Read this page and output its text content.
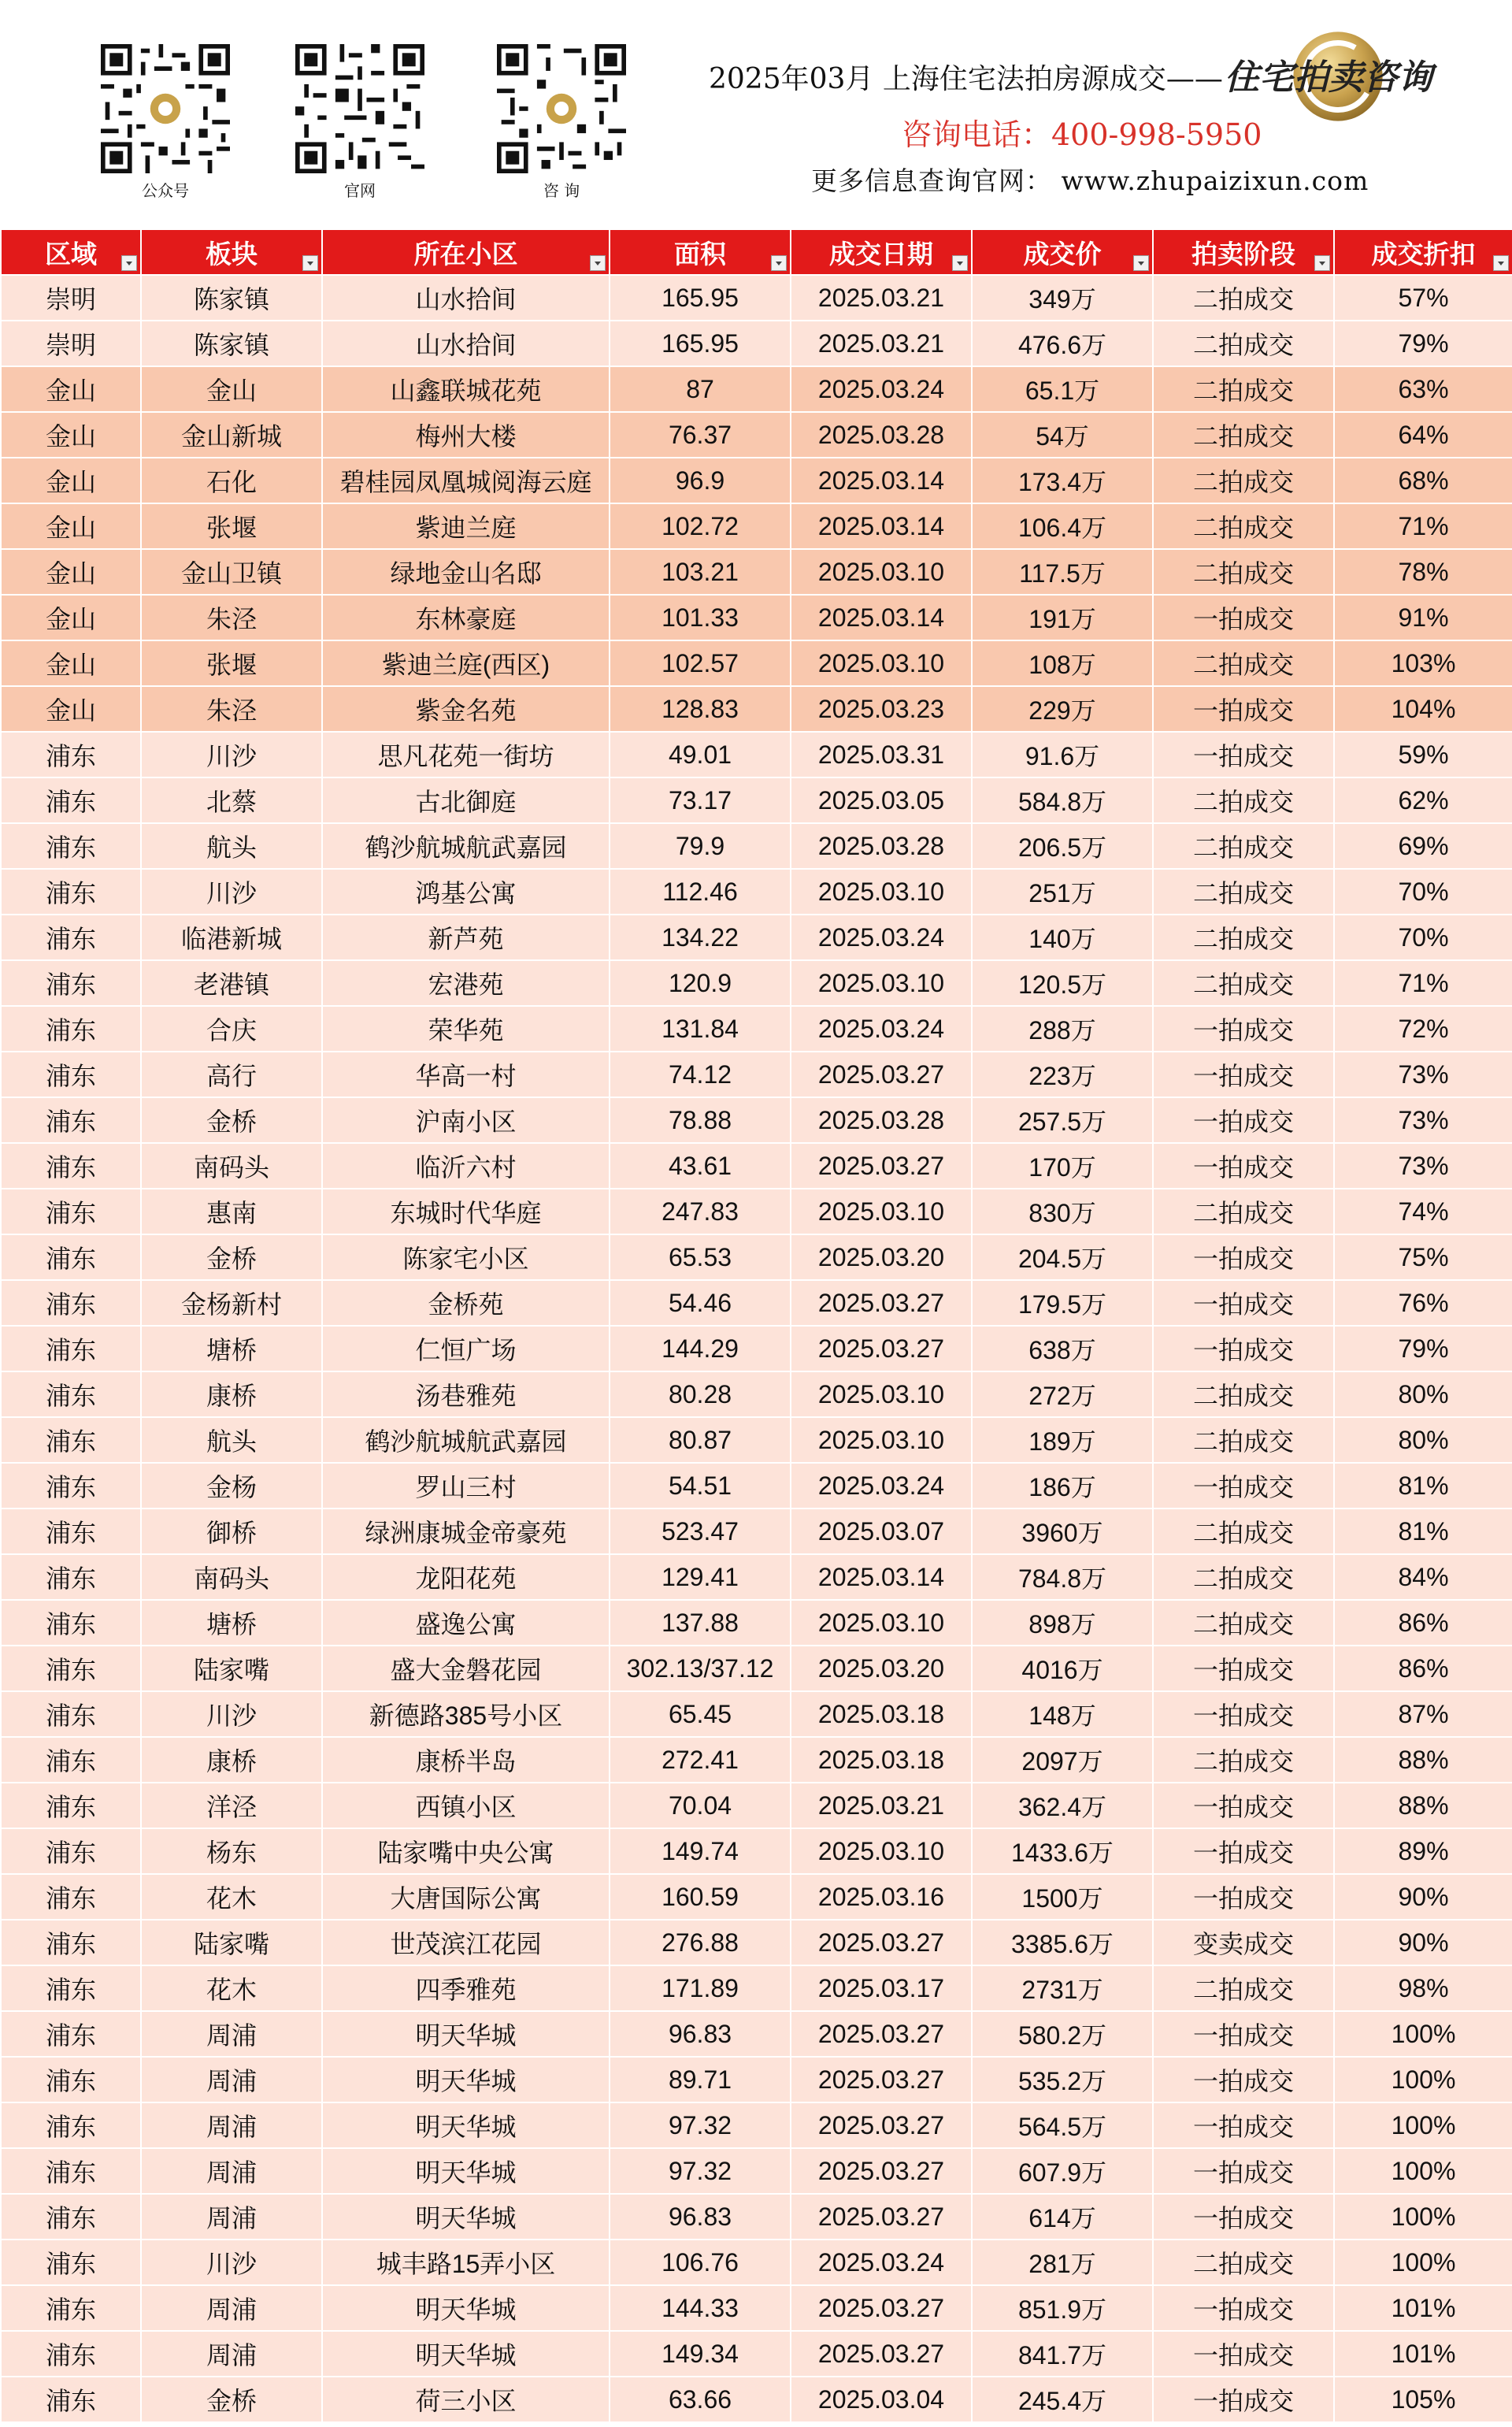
公众号	官网	咨 询
2025年03月 上海住宅法拍房源成交—— 住宅拍卖咨询
咨询电话：400-998-5950
更多信息查询官网： www.zhupaizixun.com
区域	板块	所在小区	面积	成交日期	成交价	拍卖阶段	成交折扣

崇明	陈家镇	山水拾间	165.95	2025.03.21	349万	二拍成交	57%
崇明	陈家镇	山水拾间	165.95	2025.03.21	476.6万	二拍成交	79%
金山	金山	山鑫联城花苑	87	2025.03.24	65.1万	二拍成交	63%
金山	金山新城	梅州大楼	76.37	2025.03.28	54万	二拍成交	64%
金山	石化	碧桂园凤凰城阅海云庭	96.9	2025.03.14	173.4万	二拍成交	68%
金山	张堰	紫迪兰庭	102.72	2025.03.14	106.4万	二拍成交	71%
金山	金山卫镇	绿地金山名邸	103.21	2025.03.10	117.5万	二拍成交	78%
金山	朱泾	东林豪庭	101.33	2025.03.14	191万	一拍成交	91%
金山	张堰	紫迪兰庭(西区)	102.57	2025.03.10	108万	二拍成交	103%
金山	朱泾	紫金名苑	128.83	2025.03.23	229万	一拍成交	104%
浦东	川沙	思凡花苑一街坊	49.01	2025.03.31	91.6万	一拍成交	59%
浦东	北蔡	古北御庭	73.17	2025.03.05	584.8万	二拍成交	62%
浦东	航头	鹤沙航城航武嘉园	79.9	2025.03.28	206.5万	二拍成交	69%
浦东	川沙	鸿基公寓	112.46	2025.03.10	251万	二拍成交	70%
浦东	临港新城	新芦苑	134.22	2025.03.24	140万	二拍成交	70%
浦东	老港镇	宏港苑	120.9	2025.03.10	120.5万	二拍成交	71%
浦东	合庆	荣华苑	131.84	2025.03.24	288万	一拍成交	72%
浦东	高行	华高一村	74.12	2025.03.27	223万	一拍成交	73%
浦东	金桥	沪南小区	78.88	2025.03.28	257.5万	一拍成交	73%
浦东	南码头	临沂六村	43.61	2025.03.27	170万	一拍成交	73%
浦东	惠南	东城时代华庭	247.83	2025.03.10	830万	二拍成交	74%
浦东	金桥	陈家宅小区	65.53	2025.03.20	204.5万	一拍成交	75%
浦东	金杨新村	金桥苑	54.46	2025.03.27	179.5万	一拍成交	76%
浦东	塘桥	仁恒广场	144.29	2025.03.27	638万	一拍成交	79%
浦东	康桥	汤巷雅苑	80.28	2025.03.10	272万	二拍成交	80%
浦东	航头	鹤沙航城航武嘉园	80.87	2025.03.10	189万	二拍成交	80%
浦东	金杨	罗山三村	54.51	2025.03.24	186万	一拍成交	81%
浦东	御桥	绿洲康城金帝豪苑	523.47	2025.03.07	3960万	二拍成交	81%
浦东	南码头	龙阳花苑	129.41	2025.03.14	784.8万	二拍成交	84%
浦东	塘桥	盛逸公寓	137.88	2025.03.10	898万	二拍成交	86%
浦东	陆家嘴	盛大金磐花园	302.13/37.12	2025.03.20	4016万	一拍成交	86%
浦东	川沙	新德路385号小区	65.45	2025.03.18	148万	一拍成交	87%
浦东	康桥	康桥半岛	272.41	2025.03.18	2097万	二拍成交	88%
浦东	洋泾	西镇小区	70.04	2025.03.21	362.4万	一拍成交	88%
浦东	杨东	陆家嘴中央公寓	149.74	2025.03.10	1433.6万	一拍成交	89%
浦东	花木	大唐国际公寓	160.59	2025.03.16	1500万	一拍成交	90%
浦东	陆家嘴	世茂滨江花园	276.88	2025.03.27	3385.6万	变卖成交	90%
浦东	花木	四季雅苑	171.89	2025.03.17	2731万	二拍成交	98%
浦东	周浦	明天华城	96.83	2025.03.27	580.2万	一拍成交	100%
浦东	周浦	明天华城	89.71	2025.03.27	535.2万	一拍成交	100%
浦东	周浦	明天华城	97.32	2025.03.27	564.5万	一拍成交	100%
浦东	周浦	明天华城	97.32	2025.03.27	607.9万	一拍成交	100%
浦东	周浦	明天华城	96.83	2025.03.27	614万	一拍成交	100%
浦东	川沙	城丰路15弄小区	106.76	2025.03.24	281万	二拍成交	100%
浦东	周浦	明天华城	144.33	2025.03.27	851.9万	一拍成交	101%
浦东	周浦	明天华城	149.34	2025.03.27	841.7万	一拍成交	101%
浦东	金桥	荷三小区	63.66	2025.03.04	245.4万	一拍成交	105%
